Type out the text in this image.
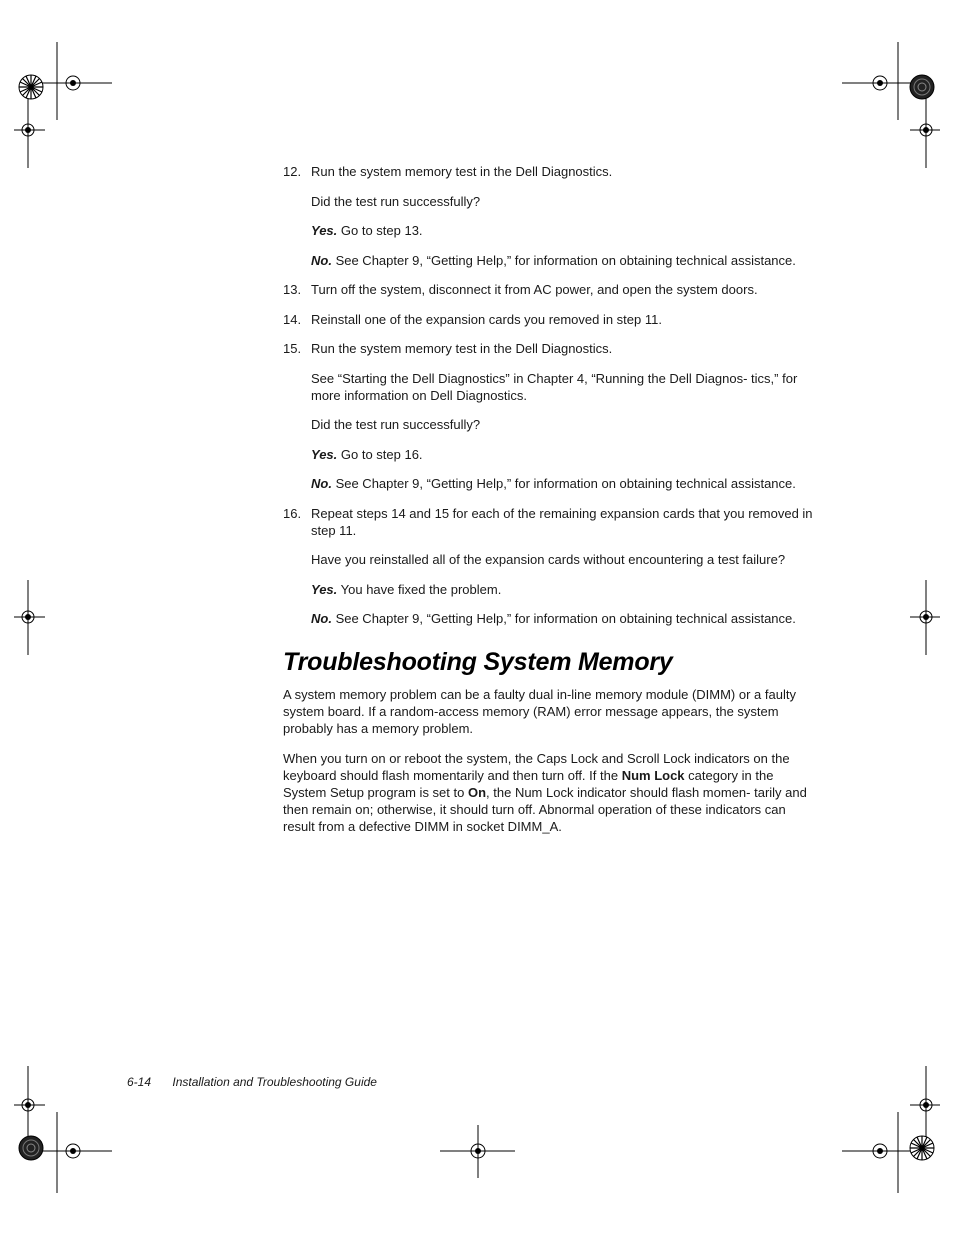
12. Run the system memory test in the Dell Diagnostics.
Did the test run successfully?
Yes. Go to step 13.
No. See Chapter 9, “Getting Help,” for information on obtaining technical assistance.
13. Turn off the system, disconnect it from AC power, and open the system doors.
14. Reinstall one of the expansion cards you removed in step 11.
15. Run the system memory test in the Dell Diagnostics.
See “Starting the Dell Diagnostics” in Chapter 4, “Running the Dell Diagnos- tics,” for more information on Dell Diagnostics.
Did the test run successfully?
Yes. Go to step 16.
No. See Chapter 9, “Getting Help,” for information on obtaining technical assistance.
16. Repeat steps 14 and 15 for each of the remaining expansion cards that you removed in step 11.
Have you reinstalled all of the expansion cards without encountering a test failure?
Yes. You have fixed the problem.
No. See Chapter 9, “Getting Help,” for information on obtaining technical assistance.
Troubleshooting System Memory

A system memory problem can be a faulty dual in-line memory module (DIMM) or a faulty system board. If a random-access memory (RAM) error message appears, the system probably has a memory problem.

When you turn on or reboot the system, the Caps Lock and Scroll Lock indicators on the keyboard should flash momentarily and then turn off. If the Num Lock category in the System Setup program is set to On, the Num Lock indicator should flash momen- tarily and then remain on; otherwise, it should turn off. Abnormal operation of these indicators can result from a defective DIMM in socket DIMM_A.

6-14 Installation and Troubleshooting Guide
